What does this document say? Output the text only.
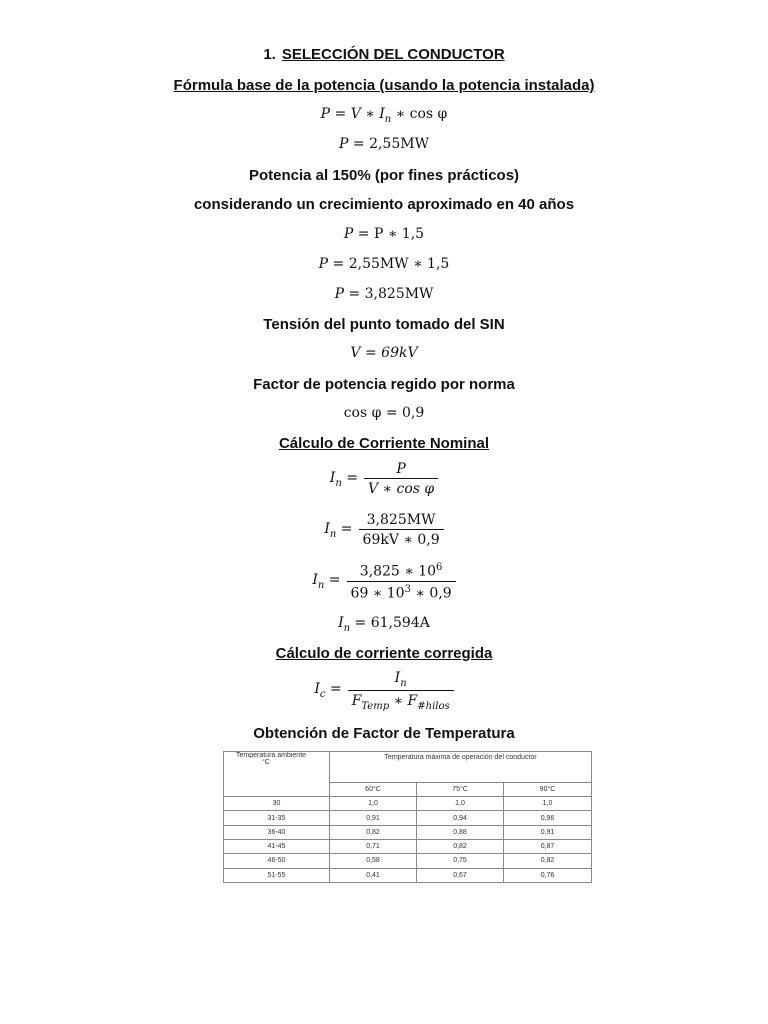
1. SELECCIÓN DEL CONDUCTOR
Fórmula base de la potencia (usando la potencia instalada)
P = V ∗ $I_n$ ∗ cos φ
P = 2,55MW
Potencia al 150% (por fines prácticos)
considerando un crecimiento aproximado en 40 años
P = P ∗ 1,5
P = 2,55MW ∗ 1,5
P = 3,825MW
Tensión del punto tomado del SIN
V = 69kV
Factor de potencia regido por norma
cos φ = 0,9
Cálculo de Corriente Nominal
$I_n = \frac{P}{\text{V ∗ cos φ}}$
$I_n = \frac{3,825MW}{69kV ∗ 0,9}$
$I_n = \frac{3,825 ∗ 10^6}{69 ∗ 10^3 ∗ 0,9}$
$I_n = 61,594A$
Cálculo de corriente corregida
$I_c = \frac{I_n}{F_{Temp} ∗ F_{\#hilos}}$
Obtención de Factor de Temperatura
Temperatura ambiente
°C	Temperatura máxima de operación del conductor		
	60°C	75°C	90°C
30	1,0	1,0	1,0
31-35	0,91	0,94	0,96
36-40	0,82	0,88	0,91
41-45	0,71	0,82	0,87
46-50	0,58	0,75	0,82
51-55	0,41	0,67	0,76
